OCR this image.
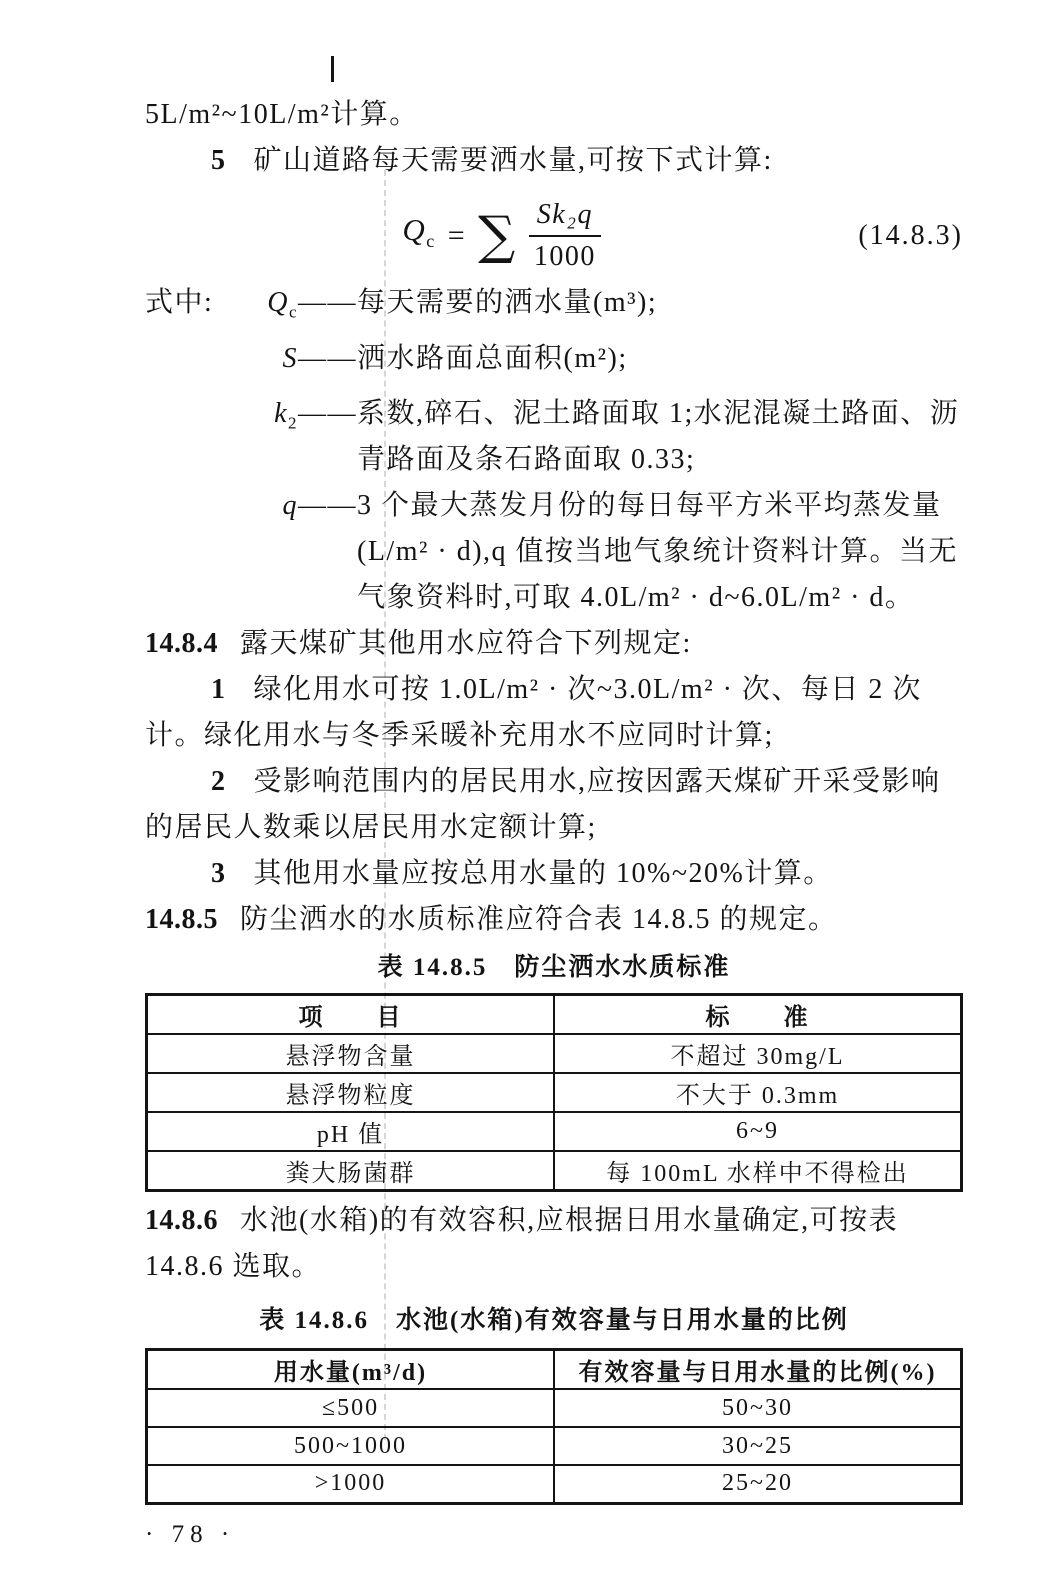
5L/m²~10L/m²计算。

5 矿山道路每天需要洒水量,可按下式计算:

$Q_c$ = ∑ $\frac{\text{Sk₂q}}{1000}$	(14.8.3)
式中: $Q_c——$ 每天需要的洒水量(m³);
S—— 洒水路面总面积(m²);
$k_2——$ 系数,碎石、泥土路面取 1;水泥混凝土路面、沥青路面及条石路面取 0.33;
q—— 3 个最大蒸发月份的每日每平方米平均蒸发量(L/m² · d),q 值按当地气象统计资料计算。当无气象资料时,可取 4.0L/m² · d~6.0L/m² · d。

14.8.4 露天煤矿其他用水应符合下列规定:

1 绿化用水可按 1.0L/m² · 次~3.0L/m² · 次、每日 2 次计。绿化用水与冬季采暖补充用水不应同时计算;

2 受影响范围内的居民用水,应按因露天煤矿开采受影响的居民人数乘以居民用水定额计算;

3 其他用水量应按总用水量的 10%~20%计算。

14.8.5 防尘洒水的水质标准应符合表 14.8.5 的规定。

表 14.8.5　防尘洒水水质标准

项　　目	标　　准
悬浮物含量	不超过 30mg/L
悬浮物粒度	不大于 0.3mm
pH 值	6~9
粪大肠菌群	每 100mL 水样中不得检出

14.8.6 水池(水箱)的有效容积,应根据日用水量确定,可按表 14.8.6 选取。

表 14.8.6　水池(水箱)有效容量与日用水量的比例

用水量(m³/d)	有效容量与日用水量的比例(%)
≤500	50~30
500~1000	30~25
>1000	25~20

· 78 ·
